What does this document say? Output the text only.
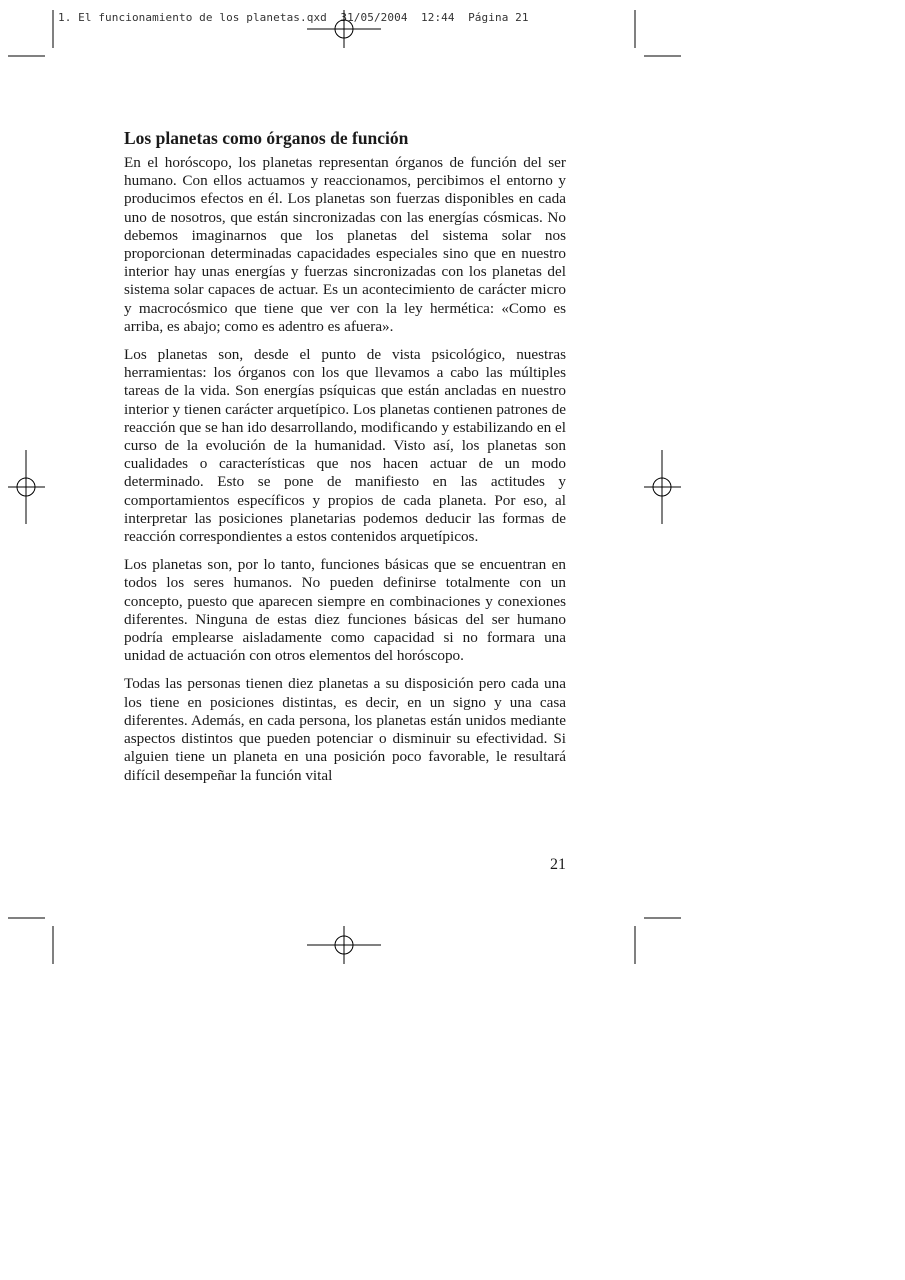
1. El funcionamiento de los planetas.qxd  31/05/2004  12:44  Página 21
Los planetas como órganos de función

En el horóscopo, los planetas representan órganos de función del ser humano. Con ellos actuamos y reaccionamos, percibimos el entorno y producimos efectos en él. Los planetas son fuerzas disponibles en cada uno de nosotros, que están sincronizadas con las energías cósmicas. No debemos imaginarnos que los planetas del sistema solar nos proporcionan determinadas capacidades especiales sino que en nuestro interior hay unas energías y fuerzas sincronizadas con los planetas del sistema solar capaces de actuar. Es un acontecimiento de carácter micro y macrocósmico que tiene que ver con la ley hermética: «Como es arriba, es abajo; como es adentro es afuera».

Los planetas son, desde el punto de vista psicológico, nuestras herramientas: los órganos con los que llevamos a cabo las múltiples tareas de la vida. Son energías psíquicas que están ancladas en nuestro interior y tienen carácter arquetípico. Los planetas contienen patrones de reacción que se han ido desarrollando, modificando y estabilizando en el curso de la evolución de la humanidad. Visto así, los planetas son cualidades o características que nos hacen actuar de un modo determinado. Esto se pone de manifiesto en las actitudes y comportamientos específicos y propios de cada planeta. Por eso, al interpretar las posiciones planetarias podemos deducir las formas de reacción correspondientes a estos contenidos arquetípicos.

Los planetas son, por lo tanto, funciones básicas que se encuentran en todos los seres humanos. No pueden definirse totalmente con un concepto, puesto que aparecen siempre en combinaciones y conexiones diferentes. Ninguna de estas diez funciones básicas del ser humano podría emplearse aisladamente como capacidad si no formara una unidad de actuación con otros elementos del horóscopo.

Todas las personas tienen diez planetas a su disposición pero cada una los tiene en posiciones distintas, es decir, en un signo y una casa diferentes. Además, en cada persona, los planetas están unidos mediante aspectos distintos que pueden potenciar o disminuir su efectividad. Si alguien tiene un planeta en una posición poco favorable, le resultará difícil desempeñar la función vital

21
